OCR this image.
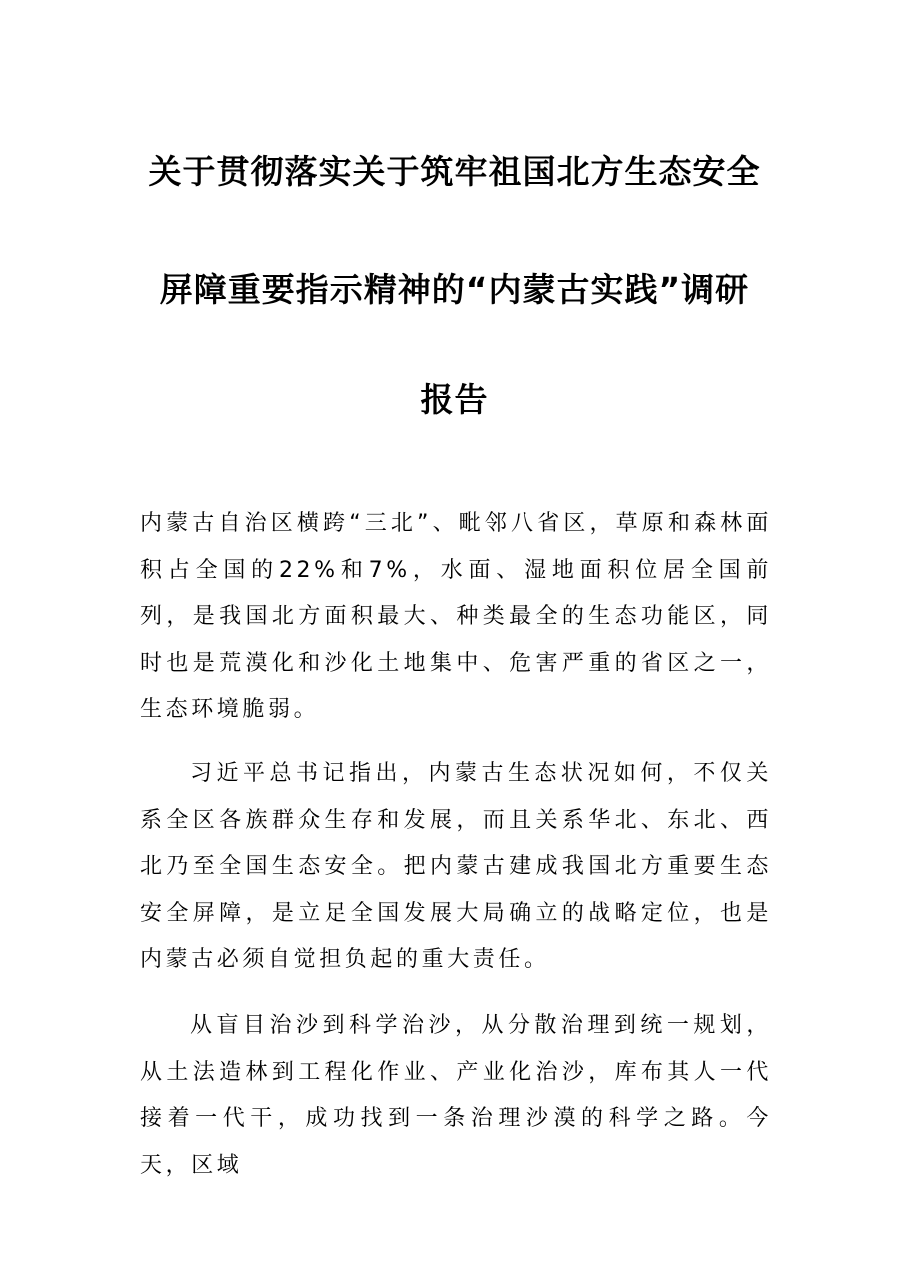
关于贯彻落实关于筑牢祖国北方生态安全
屏障重要指示精神的“内蒙古实践”调研
报告
内蒙古自治区横跨“三北”、毗邻八省区，草原和森林面积占全国的22%和7%，水面、湿地面积位居全国前列，是我国北方面积最大、种类最全的生态功能区，同时也是荒漠化和沙化土地集中、危害严重的省区之一，生态环境脆弱。
习近平总书记指出，内蒙古生态状况如何，不仅关系全区各族群众生存和发展，而且关系华北、东北、西北乃至全国生态安全。把内蒙古建成我国北方重要生态安全屏障，是立足全国发展大局确立的战略定位，也是内蒙古必须自觉担负起的重大责任。
从盲目治沙到科学治沙，从分散治理到统一规划，从土法造林到工程化作业、产业化治沙，库布其人一代接着一代干，成功找到一条治理沙漠的科学之路。今天，区域
